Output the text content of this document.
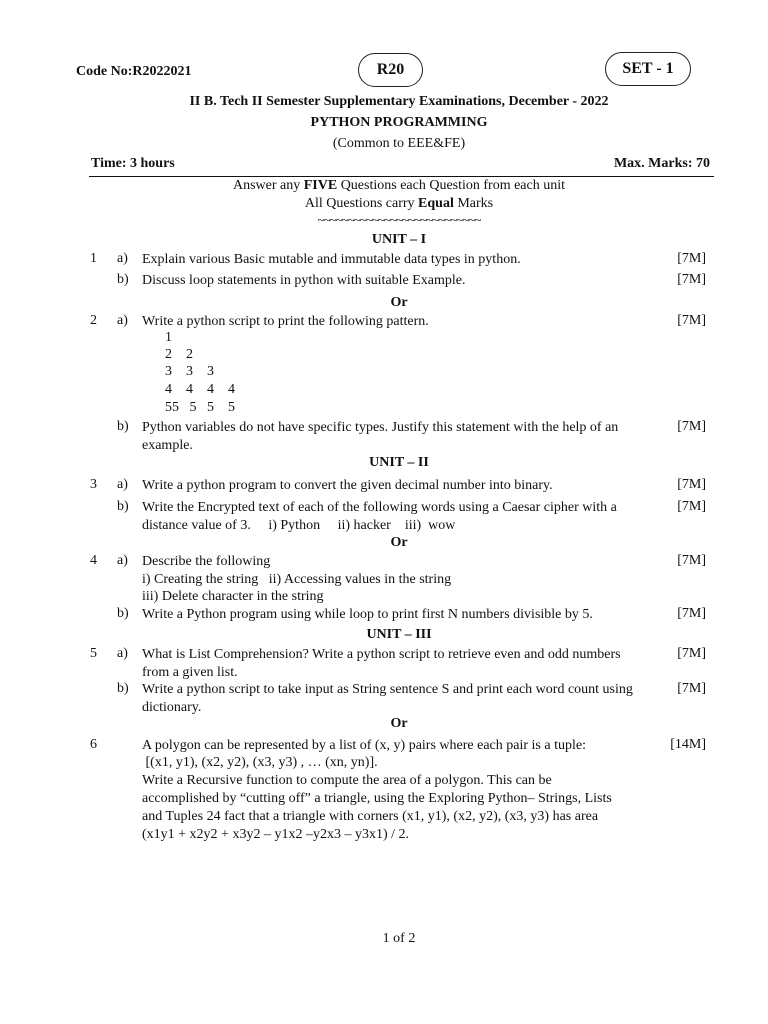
Code No:R2022021	R20	SET - 1
II B. Tech II Semester Supplementary Examinations, December - 2022
PYTHON PROGRAMMING
(Common to EEE&FE)
Time: 3 hours	Max. Marks: 70
Answer any FIVE Questions each Question from each unit
All Questions carry Equal Marks
~~~~~~~~~~~~~~~~~~~~~~~~~~~
UNIT – I
1 a) Explain various Basic mutable and immutable data types in python.	[7M]
b) Discuss loop statements in python with suitable Example.	[7M]
Or
2 a) Write a python script to print the following pattern.	[7M]
1
2    2
3    3    3
4    4    4    4
55   5   5    5
b) Python variables do not have specific types. Justify this statement with the help of an example.
[7M]
UNIT – II
3 a) Write a python program to convert the given decimal number into binary.	[7M]
b) Write the Encrypted text of each of the following words using a Caesar cipher with a distance value of 3.     i) Python     ii) hacker    iii)  wow
[7M]
Or
4 a) Describe the following
i) Creating the string   ii) Accessing values in the string
iii) Delete character in the string
[7M]
b) Write a Python program using while loop to print first N numbers divisible by 5.	[7M]
UNIT – III
5 a) What is List Comprehension? Write a python script to retrieve even and odd numbers from a given list.
[7M]
b) Write a python script to take input as String sentence S and print each word count using dictionary.
[7M]
Or
6	A polygon can be represented by a list of (x, y) pairs where each pair is a tuple:
[(x1, y1), (x2, y2), (x3, y3) , … (xn, yn)].
Write a Recursive function to compute the area of a polygon. This can be
accomplished by “cutting off” a triangle, using the Exploring Python– Strings, Lists
and Tuples 24 fact that a triangle with corners (x1, y1), (x2, y2), (x3, y3) has area
(x1y1 + x2y2 + x3y2 – y1x2 –y2x3 – y3x1) / 2.
[14M]
1 of 2
